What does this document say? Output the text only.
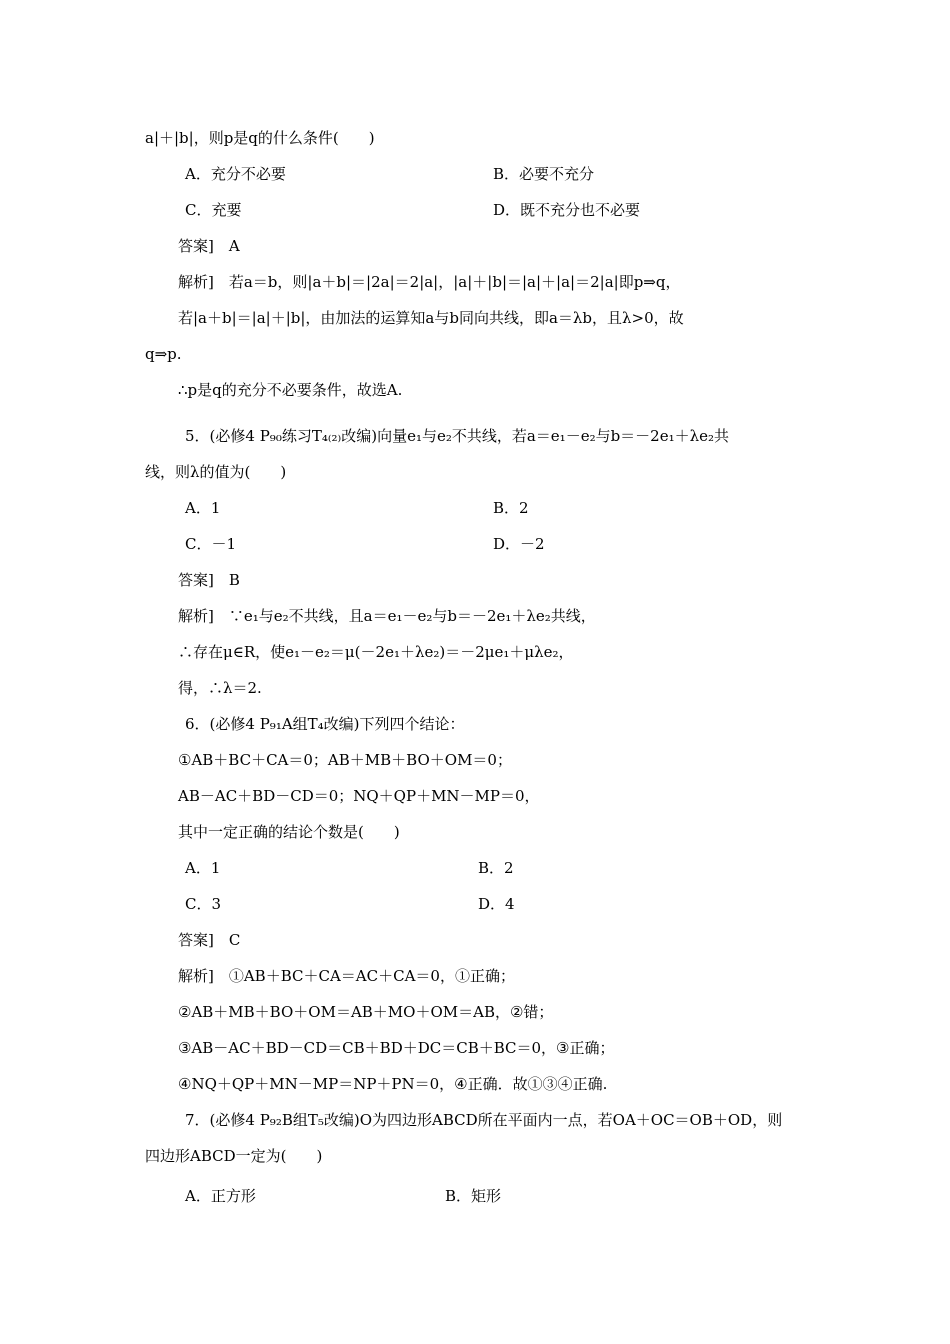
a|＋|b|，则p是q的什么条件(　　)
A．充分不必要	B．必要不充分
C．充要	D．既不充分也不必要
答案]　A
解析]　若a＝b，则|a＋b|＝|2a|＝2|a|，|a|＋|b|＝|a|＋|a|＝2|a|即p⇒q，
若|a＋b|＝|a|＋|b|，由加法的运算知a与b同向共线，即a＝λb，且λ>0，故
q⇒p.
∴p是q的充分不必要条件，故选A.
5．(必修4 P₉₀练习T₄₍₂₎改编)向量e₁与e₂不共线，若a＝e₁－e₂与b＝－2e₁＋λe₂共
线，则λ的值为(　　)
A．1	B．2
C．－1	D．－2
答案]　B
解析]　∵e₁与e₂不共线，且a＝e₁－e₂与b＝－2e₁＋λe₂共线，
∴存在μ∈R，使e₁－e₂＝μ(－2e₁＋λe₂)＝－2μe₁＋μλe₂，
得，∴λ＝2.
6．(必修4 P₉₁A组T₄改编)下列四个结论：
①AB＋BC＋CA＝0；AB＋MB＋BO＋OM＝0；
AB－AC＋BD－CD＝0；NQ＋QP＋MN－MP＝0，
其中一定正确的结论个数是(　　)
A．1	B．2
C．3	D．4
答案]　C
解析]　①AB＋BC＋CA＝AC＋CA＝0，①正确；
②AB＋MB＋BO＋OM＝AB＋MO＋OM＝AB，②错；
③AB－AC＋BD－CD＝CB＋BD＋DC＝CB＋BC＝0，③正确；
④NQ＋QP＋MN－MP＝NP＋PN＝0，④正确．故①③④正确.
7．(必修4 P₉₂B组T₅改编)O为四边形ABCD所在平面内一点，若OA＋OC＝OB＋OD，则
四边形ABCD一定为(　　)
A．正方形	B．矩形
